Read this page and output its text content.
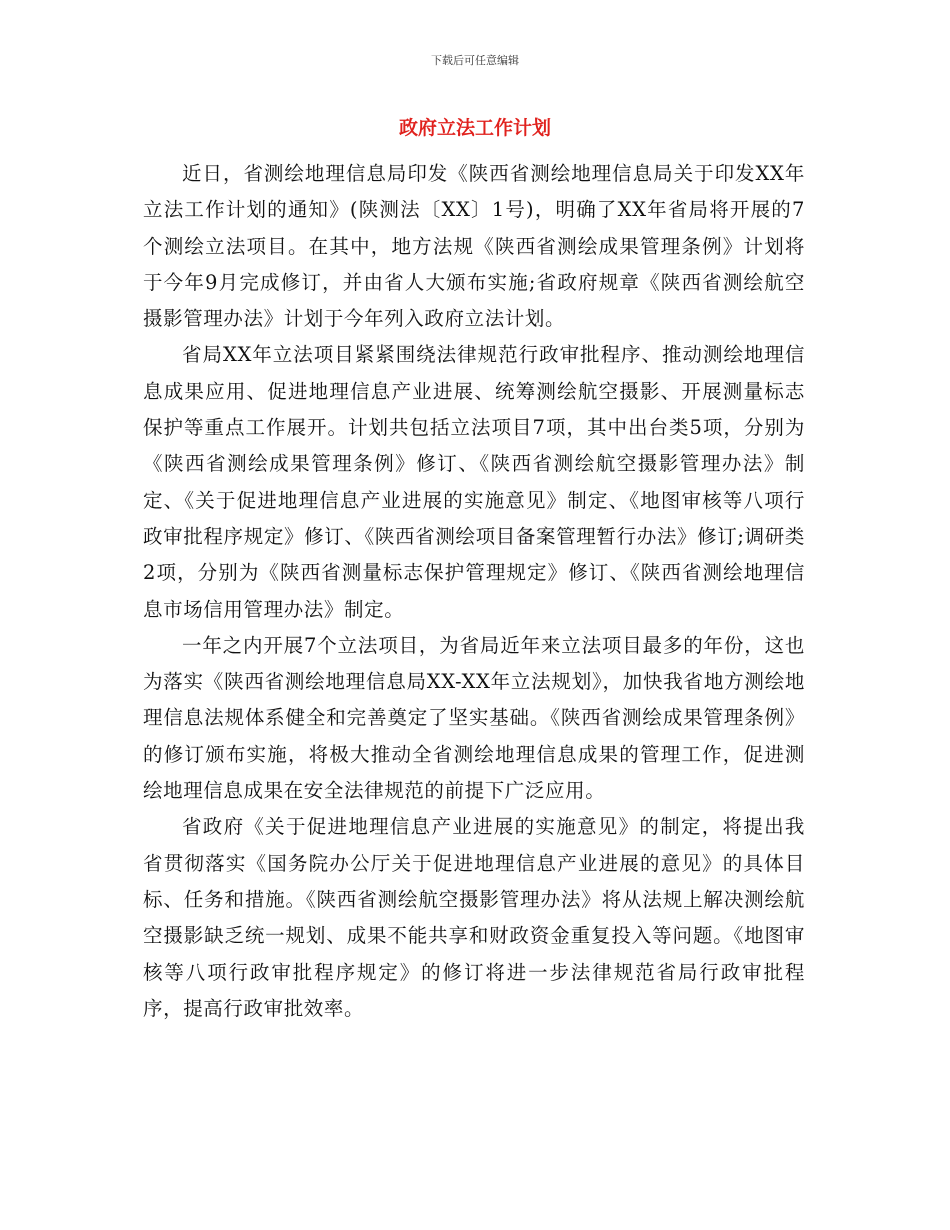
下载后可任意编辑
政府立法工作计划

近日，省测绘地理信息局印发《陕西省测绘地理信息局关于印发XX年立法工作计划的通知》(陕测法〔XX〕1号)，明确了XX年省局将开展的7个测绘立法项目。在其中，地方法规《陕西省测绘成果管理条例》计划将于今年9月完成修订，并由省人大颁布实施;省政府规章《陕西省测绘航空摄影管理办法》计划于今年列入政府立法计划。

省局XX年立法项目紧紧围绕法律规范行政审批程序、推动测绘地理信息成果应用、促进地理信息产业进展、统筹测绘航空摄影、开展测量标志保护等重点工作展开。计划共包括立法项目7项，其中出台类5项，分别为《陕西省测绘成果管理条例》修订、《陕西省测绘航空摄影管理办法》制定、《关于促进地理信息产业进展的实施意见》制定、《地图审核等八项行政审批程序规定》修订、《陕西省测绘项目备案管理暂行办法》修订;调研类2项，分别为《陕西省测量标志保护管理规定》修订、《陕西省测绘地理信息市场信用管理办法》制定。

一年之内开展7个立法项目，为省局近年来立法项目最多的年份，这也为落实《陕西省测绘地理信息局XX-XX年立法规划》，加快我省地方测绘地理信息法规体系健全和完善奠定了坚实基础。《陕西省测绘成果管理条例》的修订颁布实施，将极大推动全省测绘地理信息成果的管理工作，促进测绘地理信息成果在安全法律规范的前提下广泛应用。

省政府《关于促进地理信息产业进展的实施意见》的制定，将提出我省贯彻落实《国务院办公厅关于促进地理信息产业进展的意见》的具体目标、任务和措施。《陕西省测绘航空摄影管理办法》将从法规上解决测绘航空摄影缺乏统一规划、成果不能共享和财政资金重复投入等问题。《地图审核等八项行政审批程序规定》的修订将进一步法律规范省局行政审批程序，提高行政审批效率。
